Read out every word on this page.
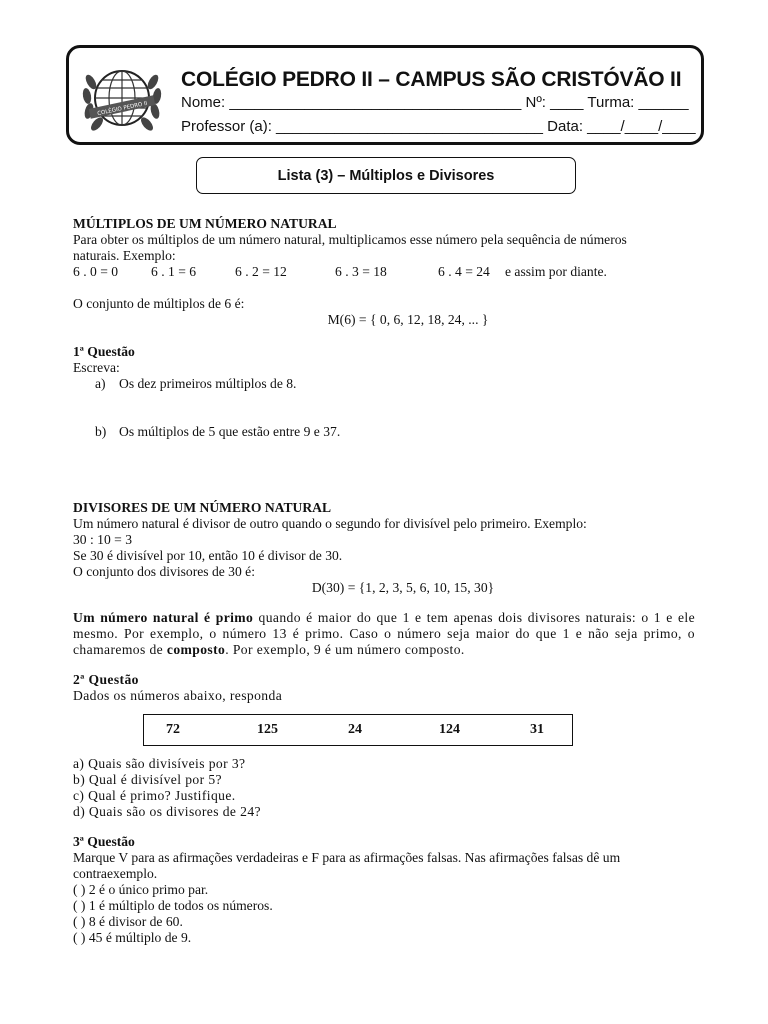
COLÉGIO PEDRO II
COLÉGIO PEDRO II – CAMPUS SÃO CRISTÓVÃO II
Nome: ___________________________________ Nº: ____ Turma: ______
Professor (a): ________________________________ Data: ____/____/____
Lista (3) – Múltiplos e Divisores
MÚLTIPLOS DE UM NÚMERO NATURAL
Para obter os múltiplos de um número natural, multiplicamos esse número pela sequência de números
naturais. Exemplo:
6 . 0 = 0 6 . 1 = 6	6 . 2 = 12	6 . 3 = 18	6 . 4 = 24 e assim por diante.
O conjunto de múltiplos de 6 é:
M(6) = { 0, 6, 12, 18, 24, ... }
1ª Questão
Escreva:
a) Os dez primeiros múltiplos de 8.
b) Os múltiplos de 5 que estão entre 9 e 37.
DIVISORES DE UM NÚMERO NATURAL
Um número natural é divisor de outro quando o segundo for divisível pelo primeiro. Exemplo:
30 : 10 = 3
Se 30 é divisível por 10, então 10 é divisor de 30.
O conjunto dos divisores de 30 é:
D(30) = {1, 2, 3, 5, 6, 10, 15, 30}
Um número natural é primo quando é maior do que 1 e tem apenas dois divisores naturais: o 1 e ele mesmo. Por exemplo, o número 13 é primo. Caso o número seja maior do que 1 e não seja primo, o chamaremos de composto. Por exemplo, 9 é um número composto.
2ª Questão
Dados os números abaixo, responda
72	125	24	124	31
a) Quais são divisíveis por 3?
b) Qual é divisível por 5?
c) Qual é primo? Justifique.
d) Quais são os divisores de 24?
3ª Questão
Marque V para as afirmações verdadeiras e F para as afirmações falsas. Nas afirmações falsas dê um
contraexemplo.
( ) 2 é o único primo par.
( ) 1 é múltiplo de todos os números.
( ) 8 é divisor de 60.
( ) 45 é múltiplo de 9.
